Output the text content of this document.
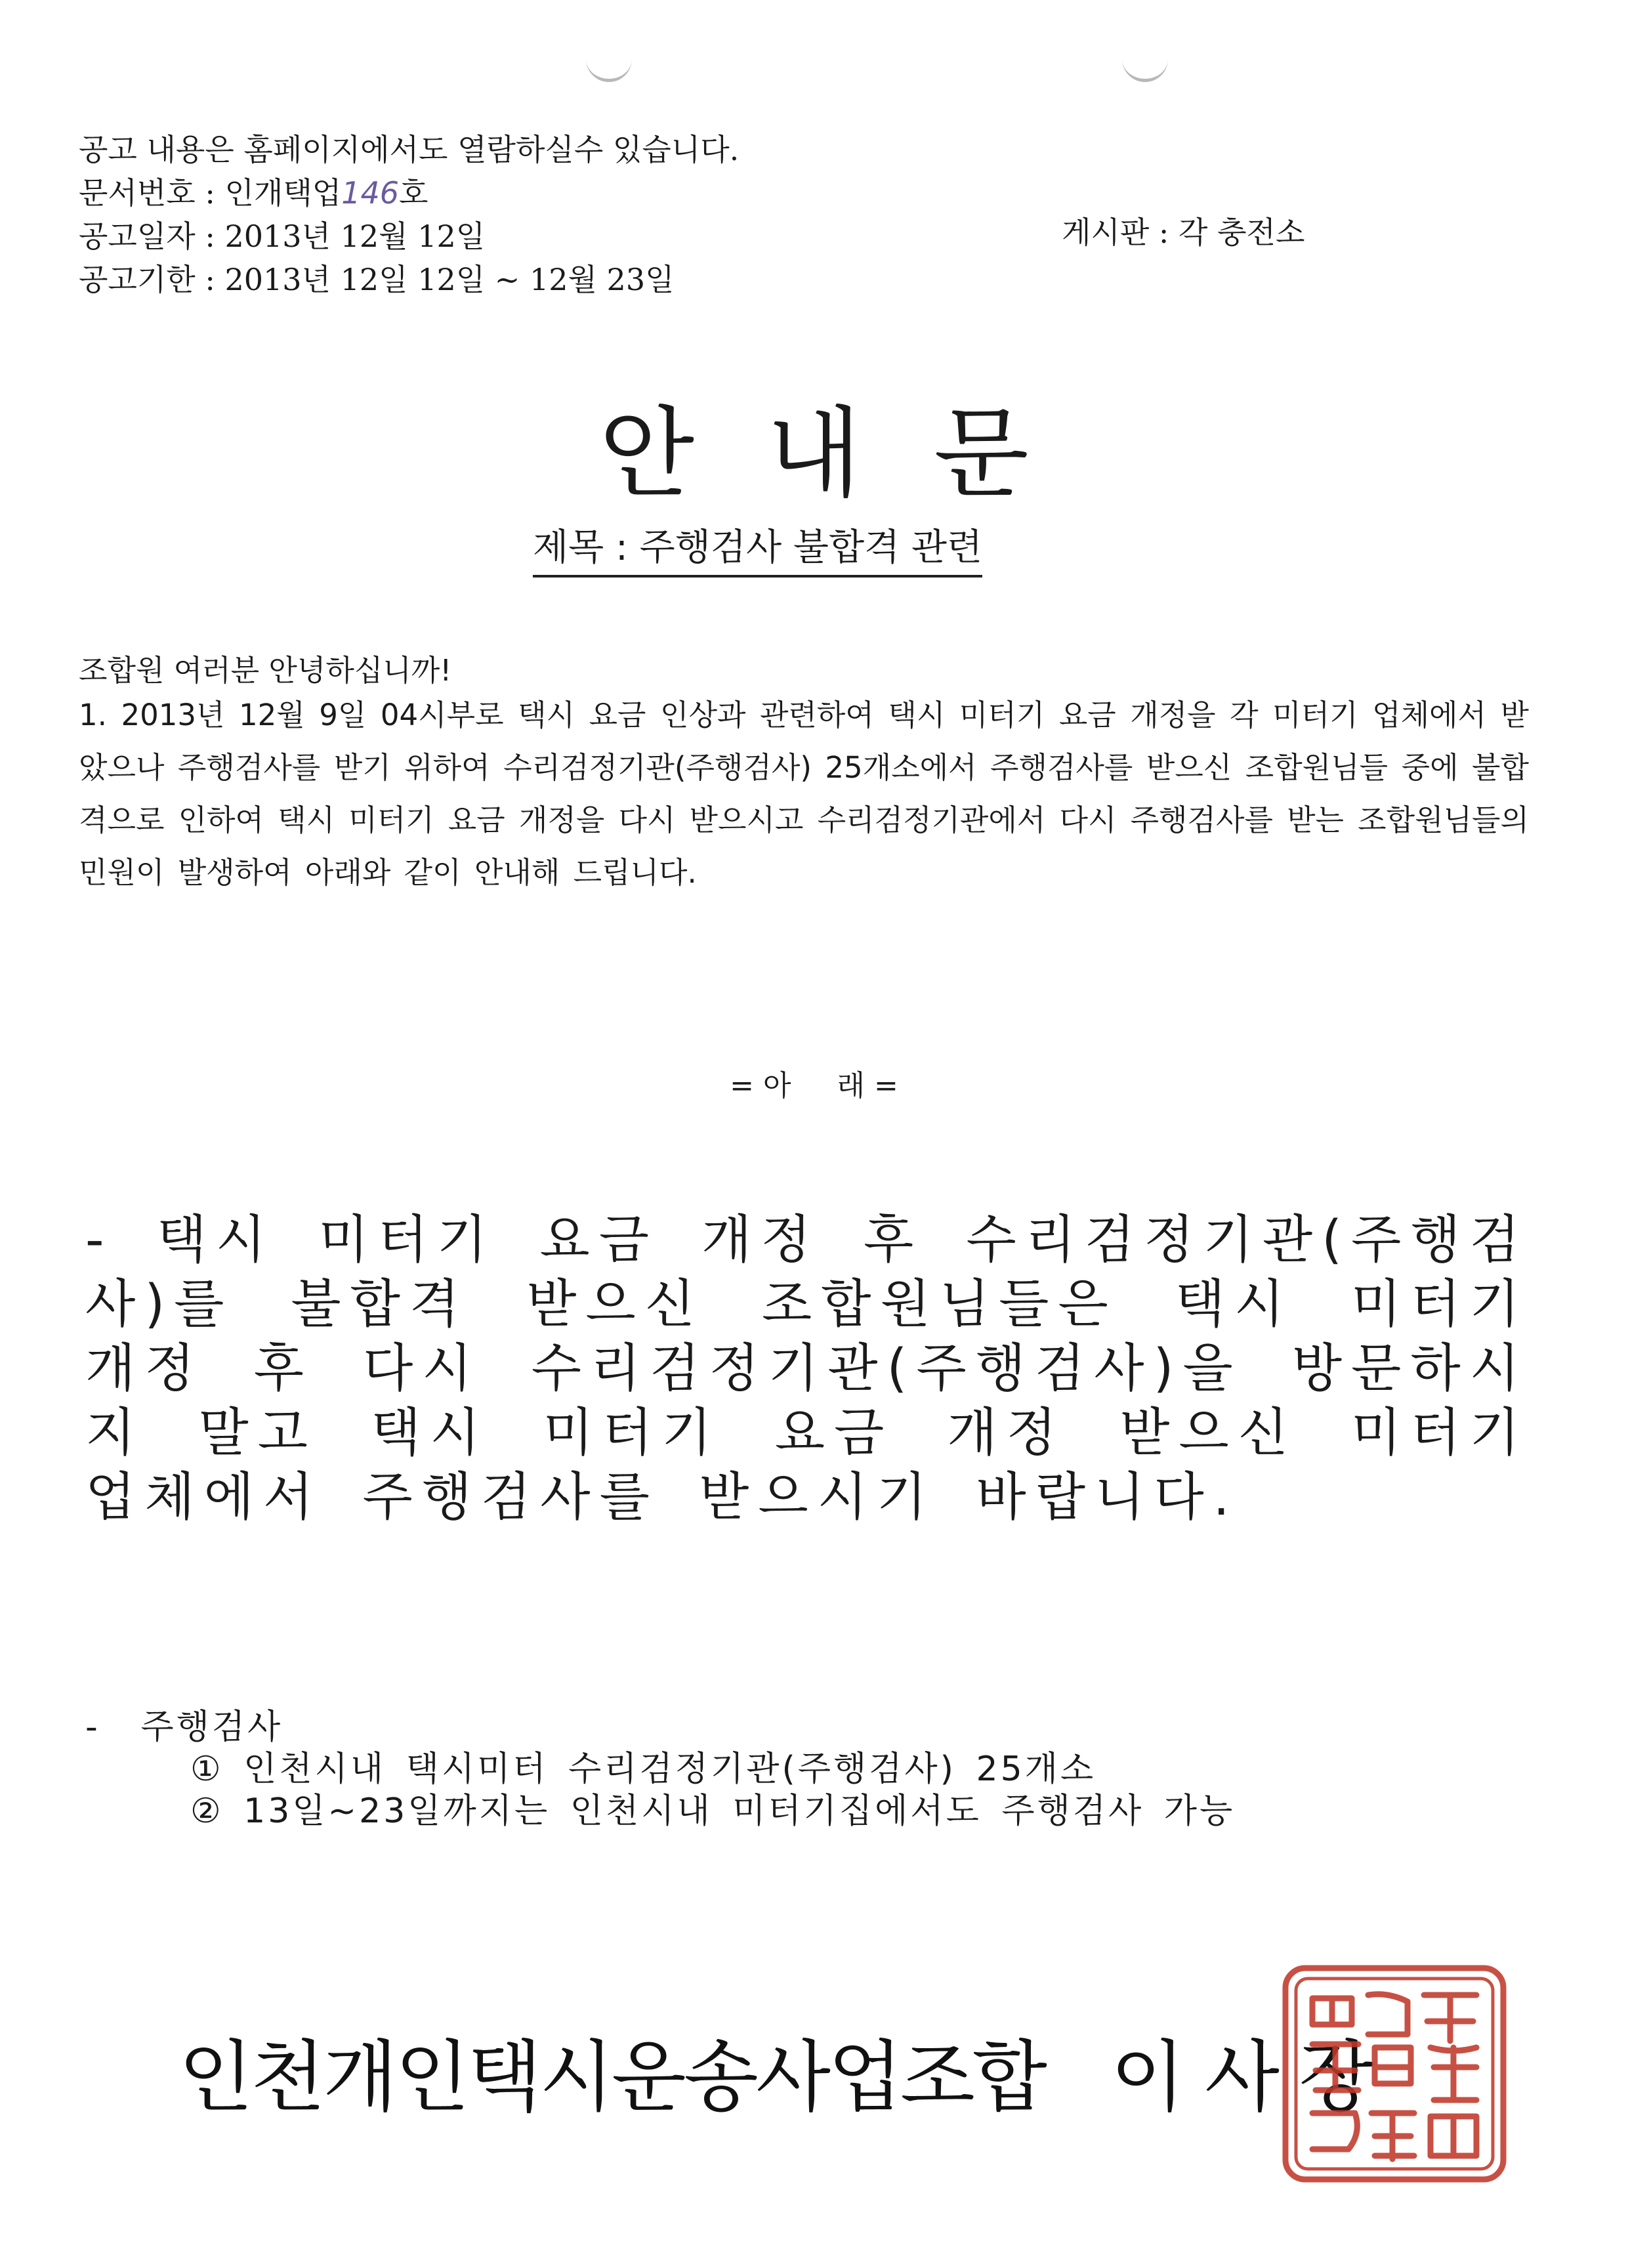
공고 내용은 홈페이지에서도 열람하실수 있습니다.
문서번호 : 인개택업146호
공고일자 : 2013년 12월 12일
공고기한 : 2013년 12일 12일 ~ 12월 23일
게시판 : 각 충전소
안내문
제목 : 주행검사 불합격 관련
조합원 여러분 안녕하십니까!
1. 2013년 12월 9일 04시부로 택시 요금 인상과 관련하여 택시 미터기 요금 개정을 각 미터기 업체에서 받았으나 주행검사를 받기 위하여 수리검정기관(주행검사) 25개소에서 주행검사를 받으신 조합원님들 중에 불합격으로 인하여 택시 미터기 요금 개정을 다시 받으시고 수리검정기관에서 다시 주행검사를 받는 조합원님들의 민원이 발생하여 아래와 같이 안내해 드립니다.
= 아     래 =
- 택시 미터기 요금 개정 후 수리검정기관(주행검사)를 불합격 받으신 조합원님들은 택시 미터기 개정 후 다시 수리검정기관(주행검사)을 방문하시지 말고 택시 미터기 요금 개정 받으신 미터기 업체에서 주행검사를 받으시기 바랍니다.
-   주행검사
① 인천시내 택시미터 수리검정기관(주행검사) 25개소
② 13일~23일까지는 인천시내 미터기집에서도 주행검사 가능
인천개인택시운송사업조합   이 사 장
